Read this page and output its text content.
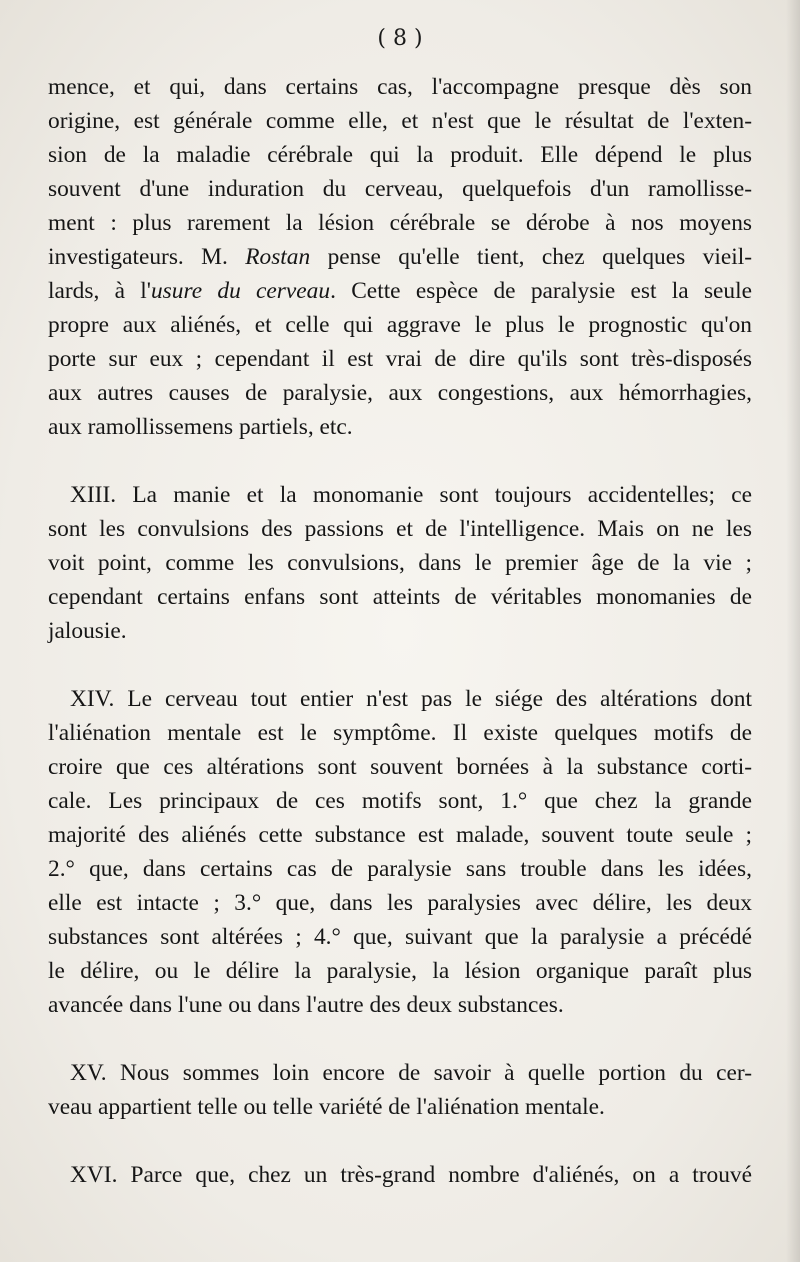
( 8 )

mence, et qui, dans certains cas, l'accompagne presque dès son
origine, est générale comme elle, et n'est que le résultat de l'exten-
sion de la maladie cérébrale qui la produit. Elle dépend le plus
souvent d'une induration du cerveau, quelquefois d'un ramollisse-
ment : plus rarement la lésion cérébrale se dérobe à nos moyens
investigateurs. M. Rostan pense qu'elle tient, chez quelques vieil-
lards, à l'usure du cerveau. Cette espèce de paralysie est la seule
propre aux aliénés, et celle qui aggrave le plus le prognostic qu'on
porte sur eux ; cependant il est vrai de dire qu'ils sont très-disposés
aux autres causes de paralysie, aux congestions, aux hémorrhagies,
aux ramollissemens partiels, etc.
XIII. La manie et la monomanie sont toujours accidentelles; ce
sont les convulsions des passions et de l'intelligence. Mais on ne les
voit point, comme les convulsions, dans le premier âge de la vie ;
cependant certains enfans sont atteints de véritables monomanies de
jalousie.
XIV. Le cerveau tout entier n'est pas le siége des altérations dont
l'aliénation mentale est le symptôme. Il existe quelques motifs de
croire que ces altérations sont souvent bornées à la substance corti-
cale. Les principaux de ces motifs sont, 1.° que chez la grande
majorité des aliénés cette substance est malade, souvent toute seule ;
2.° que, dans certains cas de paralysie sans trouble dans les idées,
elle est intacte ; 3.° que, dans les paralysies avec délire, les deux
substances sont altérées ; 4.° que, suivant que la paralysie a précédé
le délire, ou le délire la paralysie, la lésion organique paraît plus
avancée dans l'une ou dans l'autre des deux substances.
XV. Nous sommes loin encore de savoir à quelle portion du cer-
veau appartient telle ou telle variété de l'aliénation mentale.
XVI. Parce que, chez un très-grand nombre d'aliénés, on a trouvé
